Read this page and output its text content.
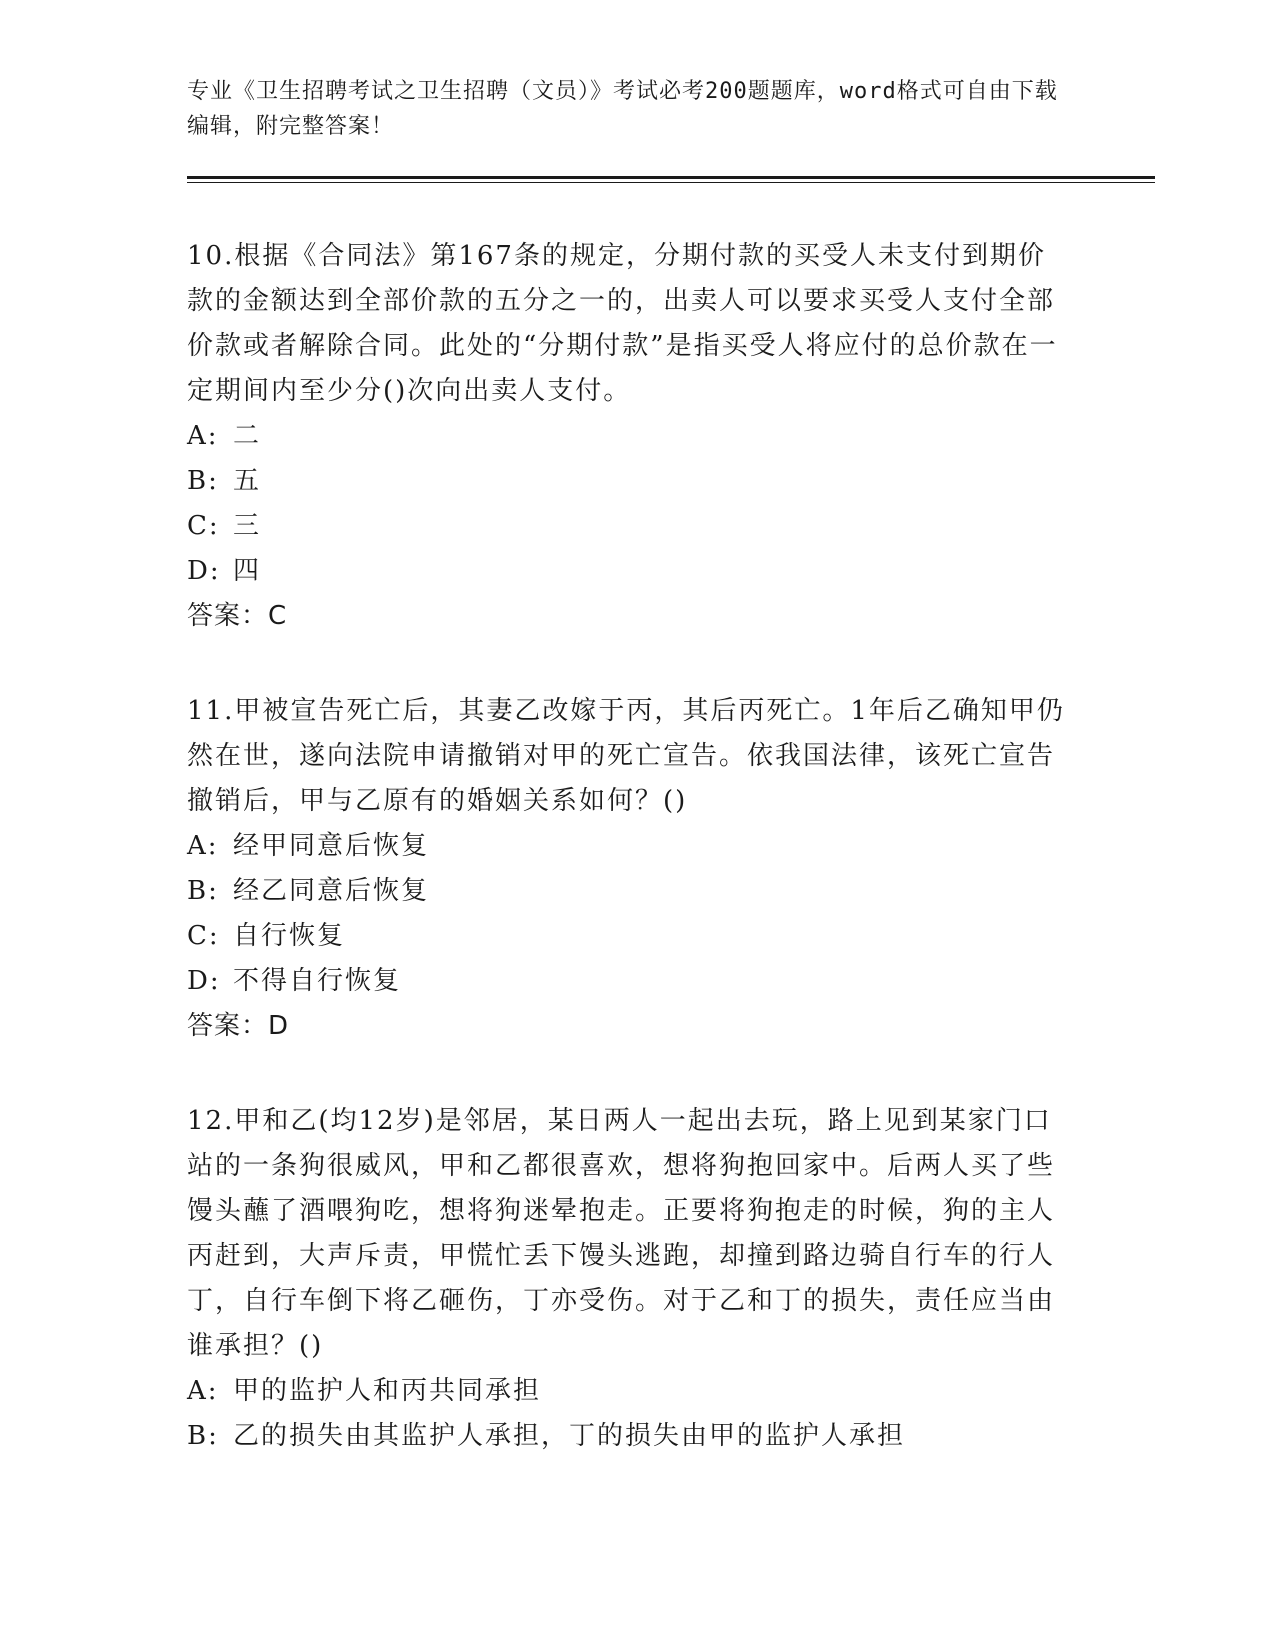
专业《卫生招聘考试之卫生招聘（文员）》考试必考200题题库，word格式可自由下载编辑，附完整答案！

10.根据《合同法》第167条的规定，分期付款的买受人未支付到期价款的金额达到全部价款的五分之一的，出卖人可以要求买受人支付全部价款或者解除合同。此处的“分期付款”是指买受人将应付的总价款在一定期间内至少分()次向出卖人支付。

A: 二
B: 五
C: 三
D: 四

答案：C

11.甲被宣告死亡后，其妻乙改嫁于丙，其后丙死亡。1年后乙确知甲仍然在世，遂向法院申请撤销对甲的死亡宣告。依我国法律，该死亡宣告撤销后，甲与乙原有的婚姻关系如何？()

A: 经甲同意后恢复
B: 经乙同意后恢复
C: 自行恢复
D: 不得自行恢复

答案：D

12.甲和乙(均12岁)是邻居，某日两人一起出去玩，路上见到某家门口站的一条狗很威风，甲和乙都很喜欢，想将狗抱回家中。后两人买了些馒头蘸了酒喂狗吃，想将狗迷晕抱走。正要将狗抱走的时候，狗的主人丙赶到，大声斥责，甲慌忙丢下馒头逃跑，却撞到路边骑自行车的行人丁，自行车倒下将乙砸伤，丁亦受伤。对于乙和丁的损失，责任应当由谁承担？()

A: 甲的监护人和丙共同承担
B: 乙的损失由其监护人承担，丁的损失由甲的监护人承担
